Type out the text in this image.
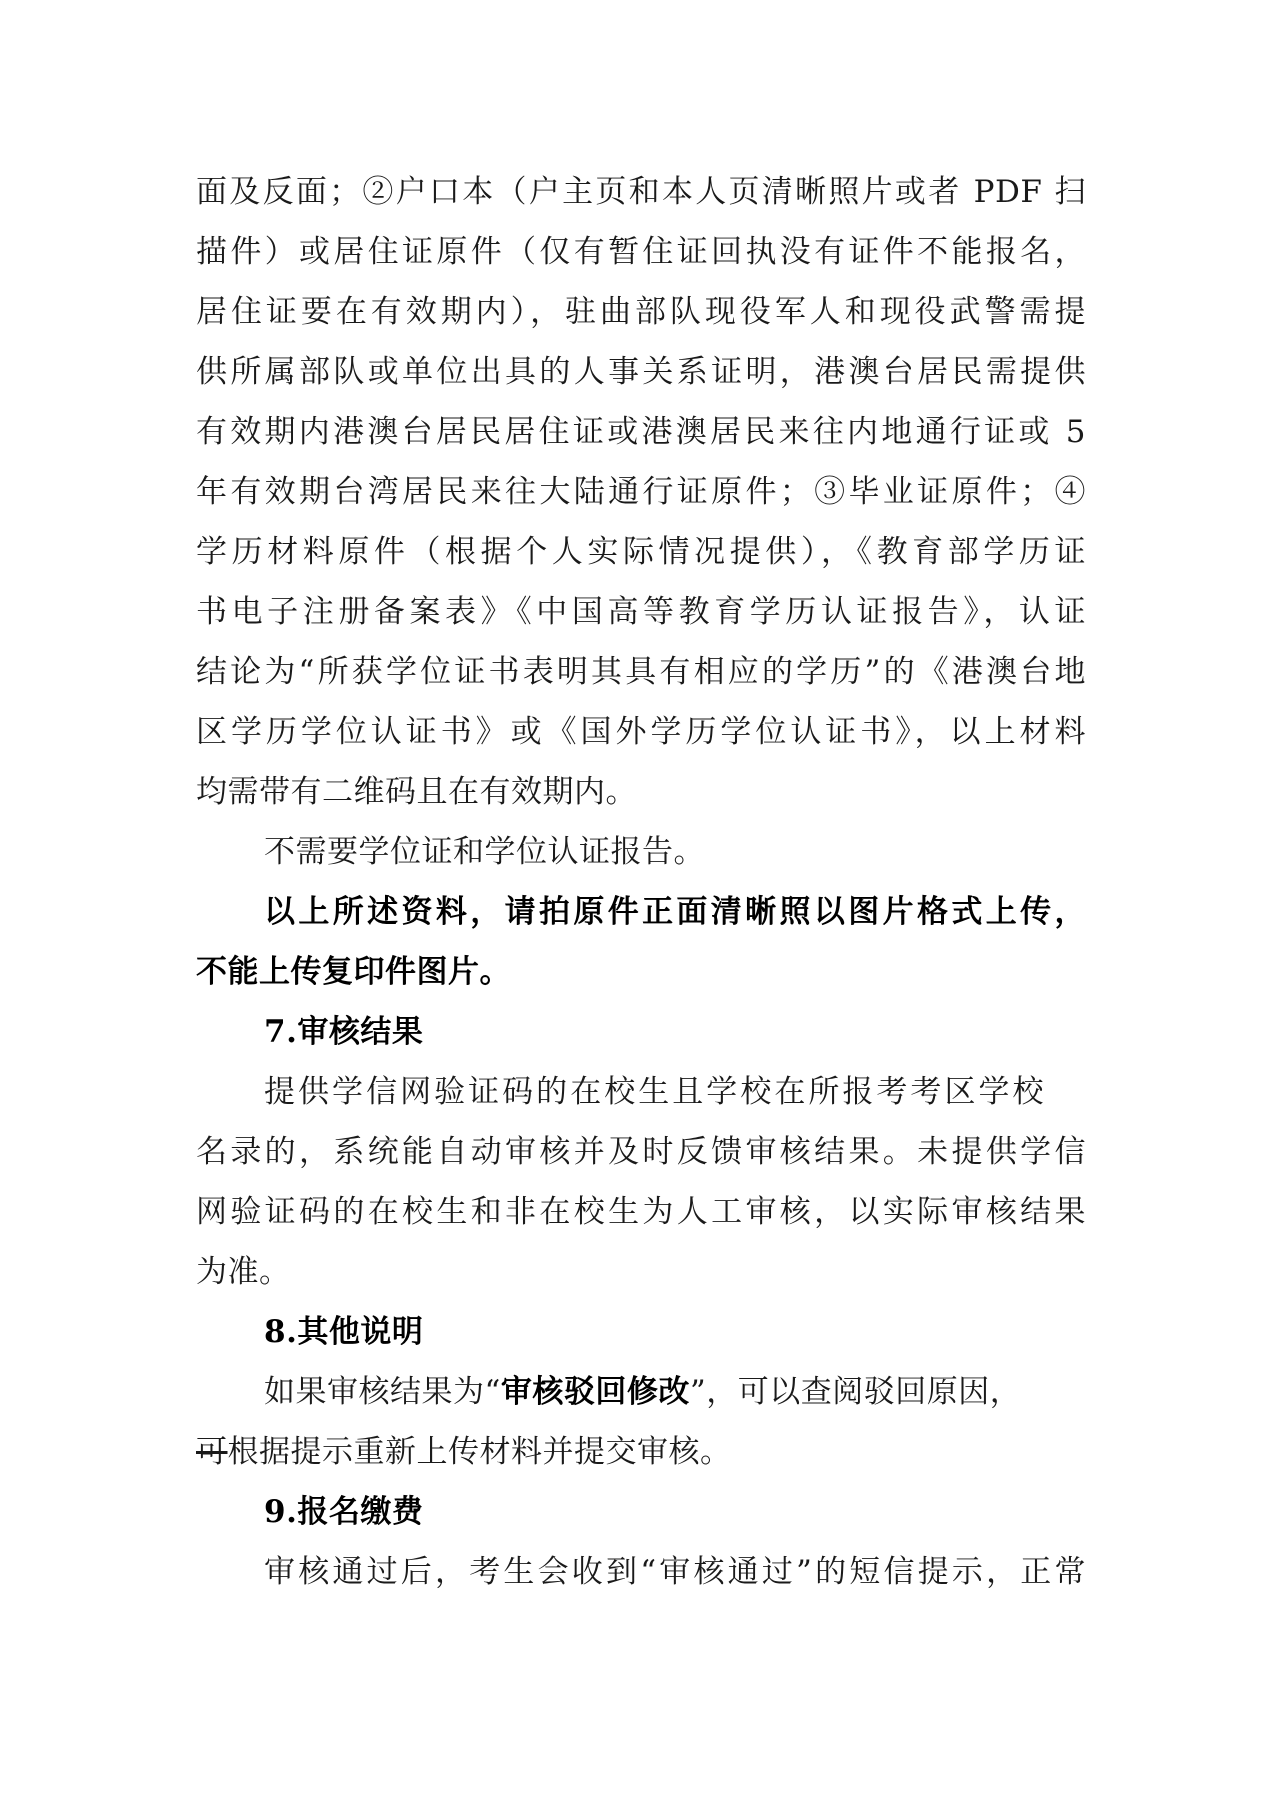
面及反面；②户口本（户主页和本人页清晰照片或者 PDF 扫
描件）或居住证原件（仅有暂住证回执没有证件不能报名，
居住证要在有效期内），驻曲部队现役军人和现役武警需提
供所属部队或单位出具的人事关系证明，港澳台居民需提供
有效期内港澳台居民居住证或港澳居民来往内地通行证或 5
年有效期台湾居民来往大陆通行证原件；③毕业证原件；④
学历材料原件（根据个人实际情况提供），《教育部学历证
书电子注册备案表》《中国高等教育学历认证报告》，认证
结论为“所获学位证书表明其具有相应的学历”的《港澳台地
区学历学位认证书》或《国外学历学位认证书》，以上材料
均需带有二维码且在有效期内。
不需要学位证和学位认证报告。
以上所述资料，请拍原件正面清晰照以图片格式上传，
不能上传复印件图片。
7.审核结果
提供学信网验证码的在校生且学校在所报考考区学校
名录的，系统能自动审核并及时反馈审核结果。未提供学信
网验证码的在校生和非在校生为人工审核，以实际审核结果
为准。
8.其他说明
如果审核结果为“审核驳回修改”，可以查阅驳回原因，
可根据提示重新上传材料并提交审核。
9.报名缴费
审核通过后，考生会收到“审核通过”的短信提示，正常
